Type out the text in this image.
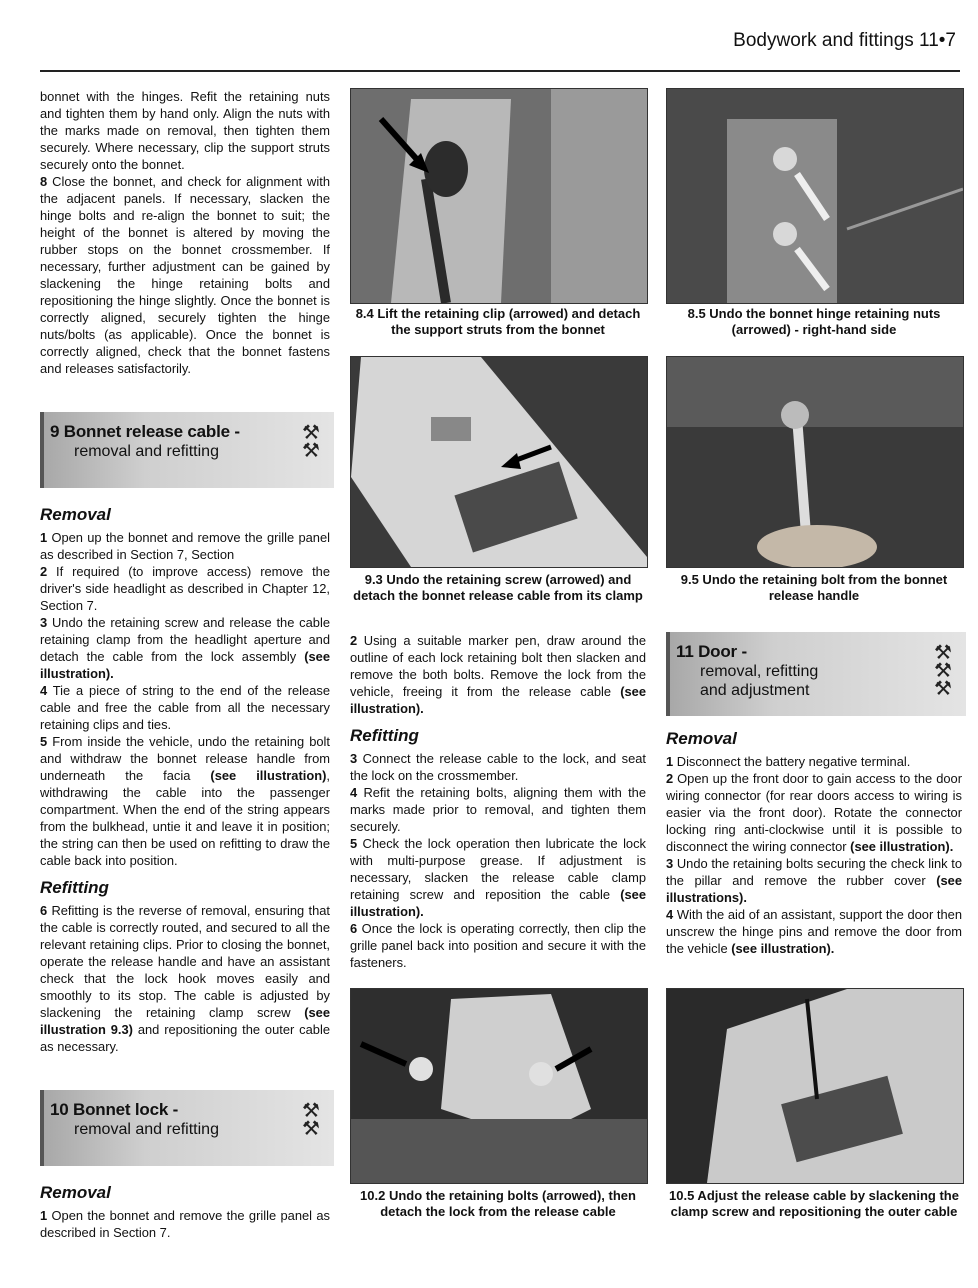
Bodywork and fittings 11•7

bonnet with the hinges. Refit the retaining nuts and tighten them by hand only. Align the nuts with the marks made on removal, then tighten them securely. Where necessary, clip the support struts securely onto the bonnet.

8 Close the bonnet, and check for alignment with the adjacent panels. If necessary, slacken the hinge bolts and re-align the bonnet to suit; the height of the bonnet is altered by moving the rubber stops on the bonnet crossmember. If necessary, further adjustment can be gained by slackening the hinge retaining bolts and repositioning the hinge slightly. Once the bonnet is correctly aligned, securely tighten the hinge nuts/bolts (as applicable). Once the bonnet is correctly aligned, check that the bonnet fastens and releases satisfactorily.

9 Bonnet release cable -
removal and refitting
⚒
⚒
Removal

1 Open up the bonnet and remove the grille panel as described in Section 7, Section

2 If required (to improve access) remove the driver's side headlight as described in Chapter 12, Section 7.

3 Undo the retaining screw and release the cable retaining clamp from the headlight aperture and detach the cable from the lock assembly (see illustration).

4 Tie a piece of string to the end of the release cable and free the cable from all the necessary retaining clips and ties.

5 From inside the vehicle, undo the retaining bolt and withdraw the bonnet release handle from underneath the facia (see illustration), withdrawing the cable into the passenger compartment. When the end of the string appears from the bulkhead, untie it and leave it in position; the string can then be used on refitting to draw the cable back into position.

Refitting

6 Refitting is the reverse of removal, ensuring that the cable is correctly routed, and secured to all the relevant retaining clips. Prior to closing the bonnet, operate the release handle and have an assistant check that the lock hook moves easily and smoothly to its stop. The cable is adjusted by slackening the retaining clamp screw (see illustration 9.3) and repositioning the outer cable as necessary.

10 Bonnet lock -
removal and refitting
⚒
⚒
Removal

1 Open the bonnet and remove the grille panel as described in Section 7.

8.4 Lift the retaining clip (arrowed) and detach the support struts from the bonnet
9.3 Undo the retaining screw (arrowed) and detach the bonnet release cable from its clamp

2 Using a suitable marker pen, draw around the outline of each lock retaining bolt then slacken and remove the both bolts. Remove the lock from the vehicle, freeing it from the release cable (see illustration).

Refitting

3 Connect the release cable to the lock, and seat the lock on the crossmember.

4 Refit the retaining bolts, aligning them with the marks made prior to removal, and tighten them securely.

5 Check the lock operation then lubricate the lock with multi-purpose grease. If adjustment is necessary, slacken the release cable clamp retaining screw and reposition the cable (see illustration).

6 Once the lock is operating correctly, then clip the grille panel back into position and secure it with the fasteners.

10.2 Undo the retaining bolts (arrowed), then detach the lock from the release cable
8.5 Undo the bonnet hinge retaining nuts (arrowed) - right-hand side
9.5 Undo the retaining bolt from the bonnet release handle
11 Door -
removal, refitting
and adjustment
⚒
⚒
⚒
Removal

1 Disconnect the battery negative terminal.

2 Open up the front door to gain access to the door wiring connector (for rear doors access to wiring is easier via the front door). Rotate the connector locking ring anti-clockwise until it is possible to disconnect the wiring connector (see illustration).

3 Undo the retaining bolts securing the check link to the pillar and remove the rubber cover (see illustrations).

4 With the aid of an assistant, support the door then unscrew the hinge pins and remove the door from the vehicle (see illustration).

10.5 Adjust the release cable by slackening the clamp screw and repositioning the outer cable
